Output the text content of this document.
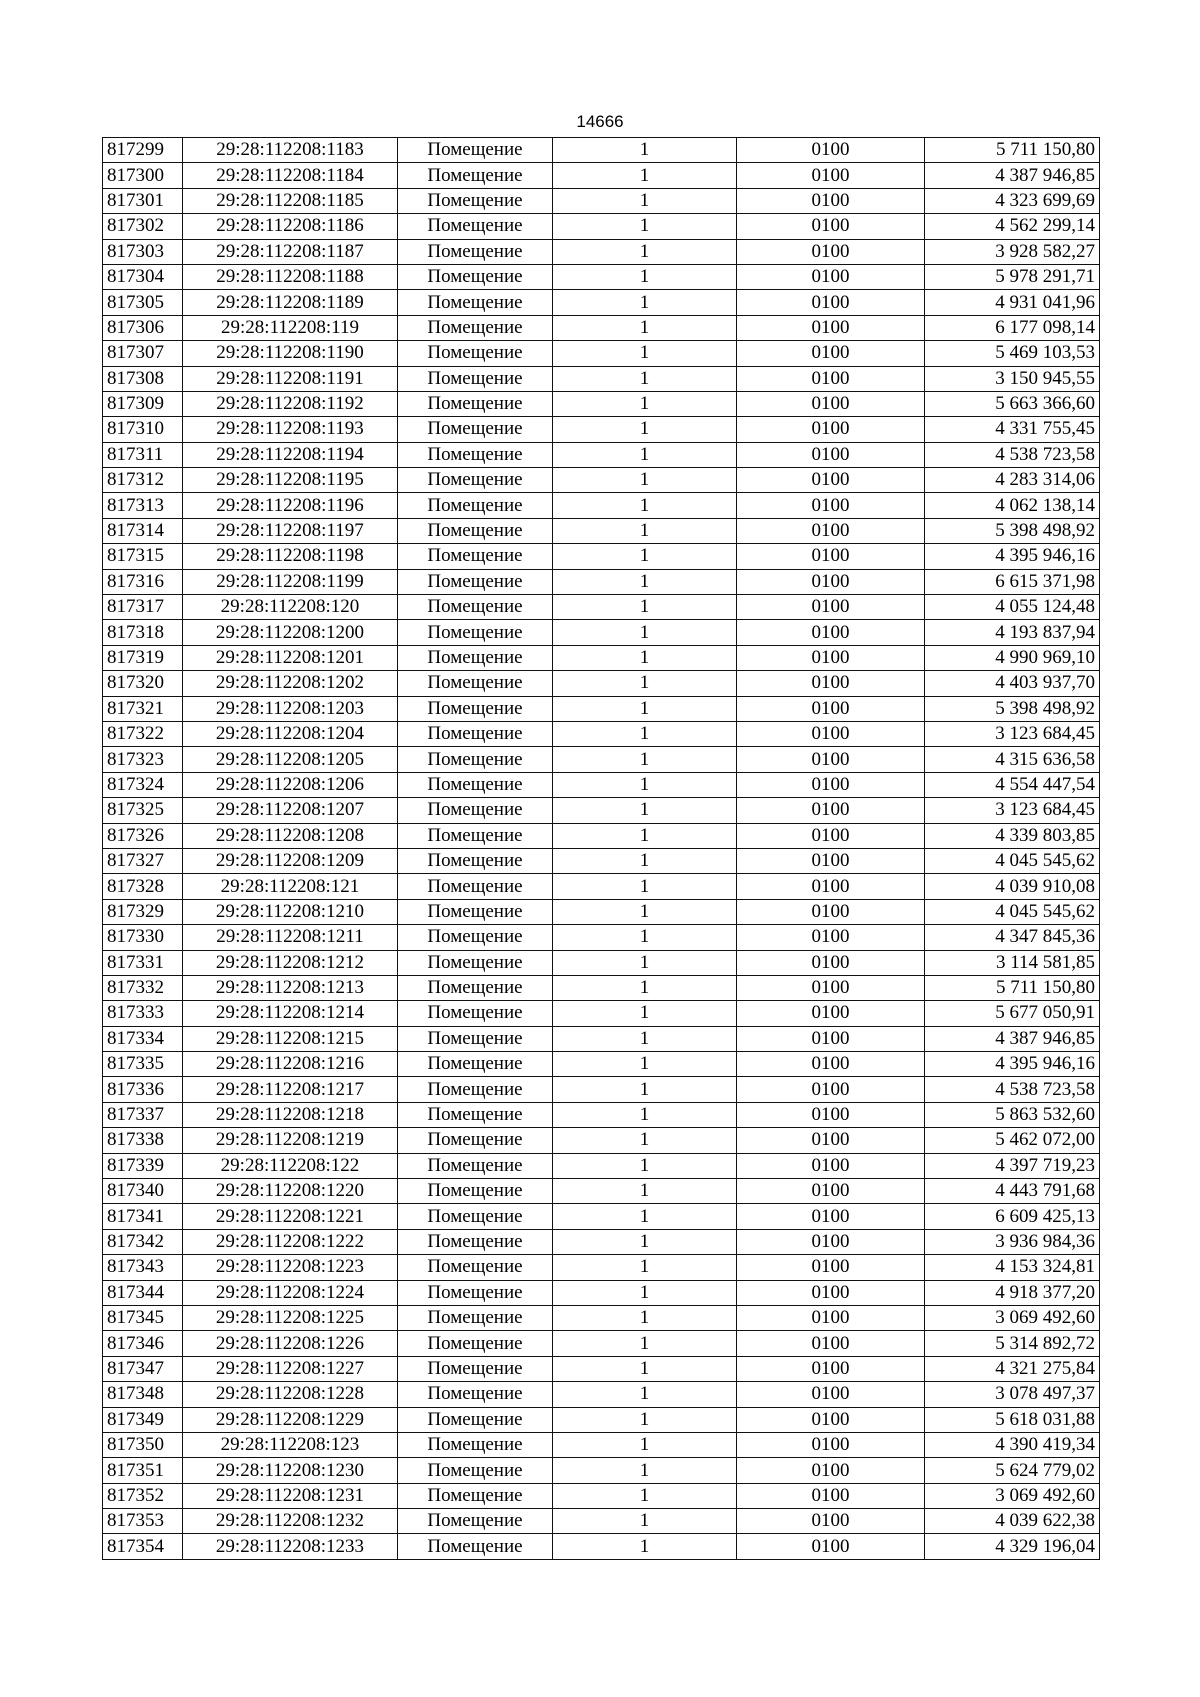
14666
817299	29:28:112208:1183	Помещение	1	0100	5 711 150,80
817300	29:28:112208:1184	Помещение	1	0100	4 387 946,85
817301	29:28:112208:1185	Помещение	1	0100	4 323 699,69
817302	29:28:112208:1186	Помещение	1	0100	4 562 299,14
817303	29:28:112208:1187	Помещение	1	0100	3 928 582,27
817304	29:28:112208:1188	Помещение	1	0100	5 978 291,71
817305	29:28:112208:1189	Помещение	1	0100	4 931 041,96
817306	29:28:112208:119	Помещение	1	0100	6 177 098,14
817307	29:28:112208:1190	Помещение	1	0100	5 469 103,53
817308	29:28:112208:1191	Помещение	1	0100	3 150 945,55
817309	29:28:112208:1192	Помещение	1	0100	5 663 366,60
817310	29:28:112208:1193	Помещение	1	0100	4 331 755,45
817311	29:28:112208:1194	Помещение	1	0100	4 538 723,58
817312	29:28:112208:1195	Помещение	1	0100	4 283 314,06
817313	29:28:112208:1196	Помещение	1	0100	4 062 138,14
817314	29:28:112208:1197	Помещение	1	0100	5 398 498,92
817315	29:28:112208:1198	Помещение	1	0100	4 395 946,16
817316	29:28:112208:1199	Помещение	1	0100	6 615 371,98
817317	29:28:112208:120	Помещение	1	0100	4 055 124,48
817318	29:28:112208:1200	Помещение	1	0100	4 193 837,94
817319	29:28:112208:1201	Помещение	1	0100	4 990 969,10
817320	29:28:112208:1202	Помещение	1	0100	4 403 937,70
817321	29:28:112208:1203	Помещение	1	0100	5 398 498,92
817322	29:28:112208:1204	Помещение	1	0100	3 123 684,45
817323	29:28:112208:1205	Помещение	1	0100	4 315 636,58
817324	29:28:112208:1206	Помещение	1	0100	4 554 447,54
817325	29:28:112208:1207	Помещение	1	0100	3 123 684,45
817326	29:28:112208:1208	Помещение	1	0100	4 339 803,85
817327	29:28:112208:1209	Помещение	1	0100	4 045 545,62
817328	29:28:112208:121	Помещение	1	0100	4 039 910,08
817329	29:28:112208:1210	Помещение	1	0100	4 045 545,62
817330	29:28:112208:1211	Помещение	1	0100	4 347 845,36
817331	29:28:112208:1212	Помещение	1	0100	3 114 581,85
817332	29:28:112208:1213	Помещение	1	0100	5 711 150,80
817333	29:28:112208:1214	Помещение	1	0100	5 677 050,91
817334	29:28:112208:1215	Помещение	1	0100	4 387 946,85
817335	29:28:112208:1216	Помещение	1	0100	4 395 946,16
817336	29:28:112208:1217	Помещение	1	0100	4 538 723,58
817337	29:28:112208:1218	Помещение	1	0100	5 863 532,60
817338	29:28:112208:1219	Помещение	1	0100	5 462 072,00
817339	29:28:112208:122	Помещение	1	0100	4 397 719,23
817340	29:28:112208:1220	Помещение	1	0100	4 443 791,68
817341	29:28:112208:1221	Помещение	1	0100	6 609 425,13
817342	29:28:112208:1222	Помещение	1	0100	3 936 984,36
817343	29:28:112208:1223	Помещение	1	0100	4 153 324,81
817344	29:28:112208:1224	Помещение	1	0100	4 918 377,20
817345	29:28:112208:1225	Помещение	1	0100	3 069 492,60
817346	29:28:112208:1226	Помещение	1	0100	5 314 892,72
817347	29:28:112208:1227	Помещение	1	0100	4 321 275,84
817348	29:28:112208:1228	Помещение	1	0100	3 078 497,37
817349	29:28:112208:1229	Помещение	1	0100	5 618 031,88
817350	29:28:112208:123	Помещение	1	0100	4 390 419,34
817351	29:28:112208:1230	Помещение	1	0100	5 624 779,02
817352	29:28:112208:1231	Помещение	1	0100	3 069 492,60
817353	29:28:112208:1232	Помещение	1	0100	4 039 622,38
817354	29:28:112208:1233	Помещение	1	0100	4 329 196,04
